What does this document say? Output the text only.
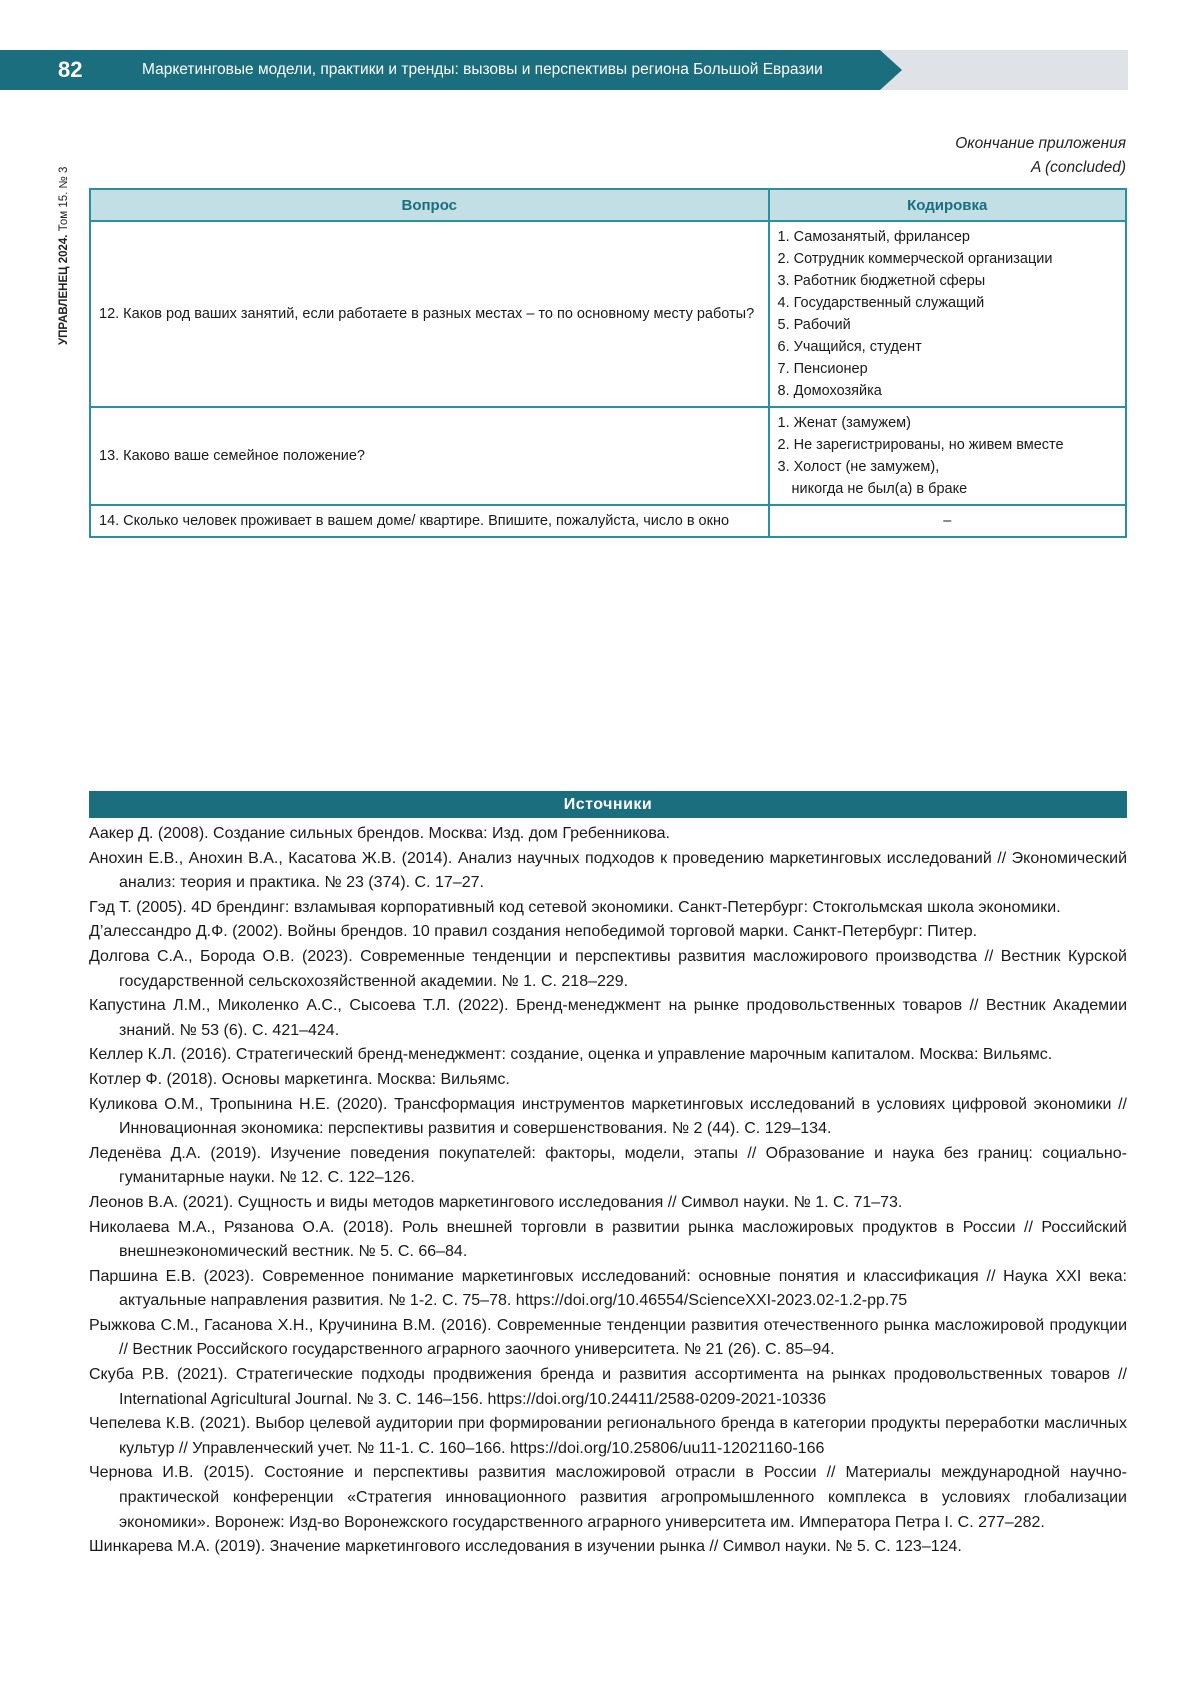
82	Маркетинговые модели, практики и тренды: вызовы и перспективы региона Большой Евразии
УПРАВЛЕНЕЦ 2024. Том 15. № 3
Окончание приложения
A (concluded)
Вопрос	Кодировка
12. Каков род ваших занятий, если работаете в разных местах – то по основному месту работы?	
1. Самозанятый, фрилансер
2. Сотрудник коммерческой организации
3. Работник бюджетной сферы
4. Государственный служащий
5. Рабочий
6. Учащийся, студент
7. Пенсионер
8. Домохозяйка

13. Каково ваше семейное положение?	
1. Женат (замужем)
2. Не зарегистрированы, но живем вместе
3. Холост (не замужем),
никогда не был(а) в браке

14. Сколько человек проживает в вашем доме/ квартире. Впишите, пожалуйста, число в окно	–
Источники
Аакер Д. (2008). Создание сильных брендов. Москва: Изд. дом Гребенникова.
Анохин Е.В., Анохин В.А., Касатова Ж.В. (2014). Анализ научных подходов к проведению маркетинговых исследований // Экономический анализ: теория и практика. № 23 (374). С. 17–27.
Гэд Т. (2005). 4D брендинг: взламывая корпоративный код сетевой экономики. Санкт-Петербург: Стокгольмская школа экономики.
Д’алессандро Д.Ф. (2002). Войны брендов. 10 правил создания непобедимой торговой марки. Санкт-Петербург: Питер.
Долгова С.А., Борода О.В. (2023). Современные тенденции и перспективы развития масложирового производства // Вестник Курской государственной сельскохозяйственной академии. № 1. С. 218–229.
Капустина Л.М., Миколенко А.С., Сысоева Т.Л. (2022). Бренд-менеджмент на рынке продовольственных товаров // Вестник Академии знаний. № 53 (6). С. 421–424.
Келлер К.Л. (2016). Стратегический бренд-менеджмент: создание, оценка и управление марочным капиталом. Москва: Вильямс.
Котлер Ф. (2018). Основы маркетинга. Москва: Вильямс.
Куликова О.М., Тропынина Н.Е. (2020). Трансформация инструментов маркетинговых исследований в условиях цифровой экономики // Инновационная экономика: перспективы развития и совершенствования. № 2 (44). С. 129–134.
Леденёва Д.А. (2019). Изучение поведения покупателей: факторы, модели, этапы // Образование и наука без границ: социально-гуманитарные науки. № 12. С. 122–126.
Леонов В.А. (2021). Сущность и виды методов маркетингового исследования // Символ науки. № 1. С. 71–73.
Николаева М.А., Рязанова О.А. (2018). Роль внешней торговли в развитии рынка масложировых продуктов в России // Российский внешнеэкономический вестник. № 5. С. 66–84.
Паршина Е.В. (2023). Современное понимание маркетинговых исследований: основные понятия и классификация // Наука XXI века: актуальные направления развития. № 1-2. С. 75–78. https://doi.org/10.46554/ScienceXXI-2023.02-1.2-pp.75
Рыжкова С.М., Гасанова Х.Н., Кручинина В.М. (2016). Современные тенденции развития отечественного рынка масложировой продукции // Вестник Российского государственного аграрного заочного университета. № 21 (26). С. 85–94.
Скуба Р.В. (2021). Стратегические подходы продвижения бренда и развития ассортимента на рынках продовольственных товаров // International Agricultural Journal. № 3. С. 146–156. https://doi.org/10.24411/2588-0209-2021-10336
Чепелева К.В. (2021). Выбор целевой аудитории при формировании регионального бренда в категории продукты переработки масличных культур // Управленческий учет. № 11-1. С. 160–166. https://doi.org/10.25806/uu11-12021160-166
Чернова И.В. (2015). Состояние и перспективы развития масложировой отрасли в России // Материалы международной научно-практической конференции «Стратегия инновационного развития агропромышленного комплекса в условиях глобализации экономики». Воронеж: Изд-во Воронежского государственного аграрного университета им. Императора Петра I. С. 277–282.
Шинкарева М.А. (2019). Значение маркетингового исследования в изучении рынка // Символ науки. № 5. С. 123–124.
